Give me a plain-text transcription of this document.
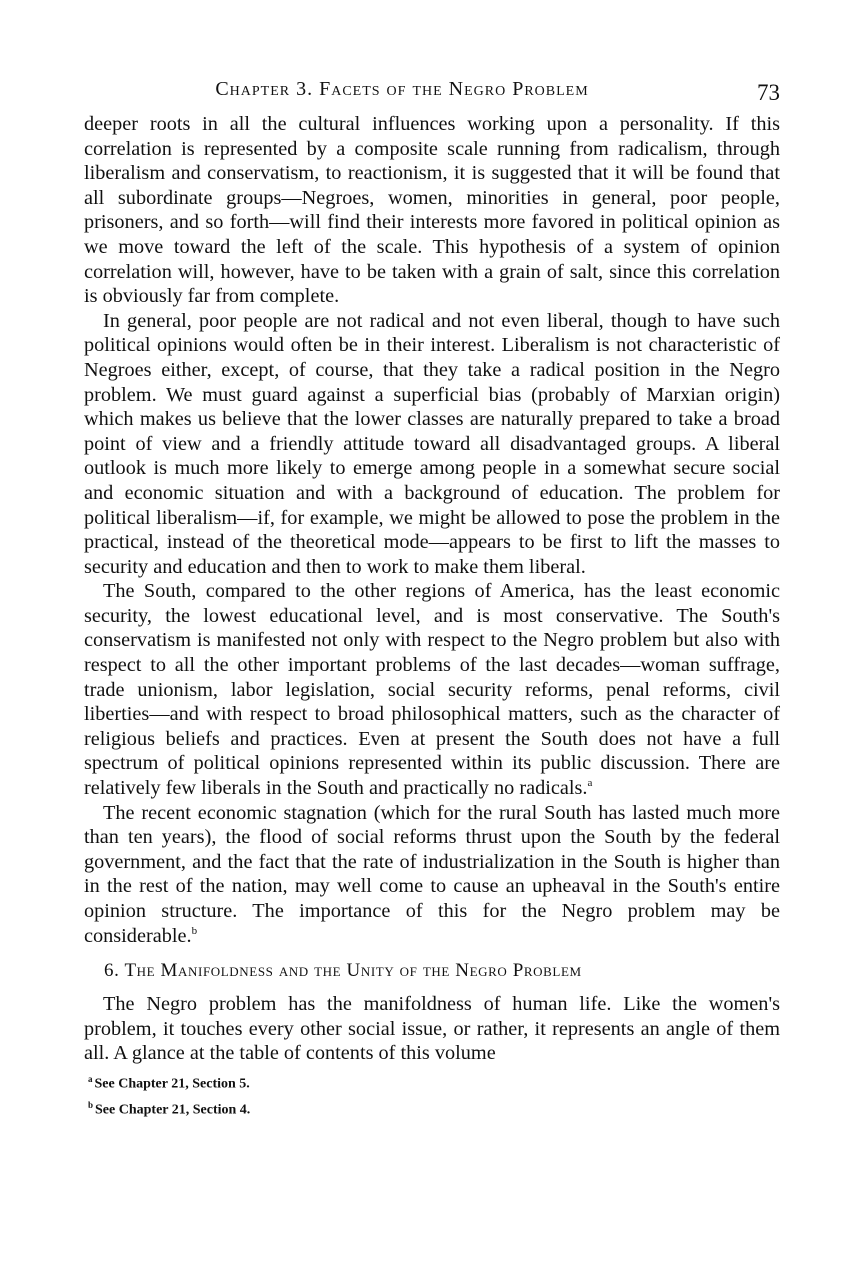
Chapter 3. Facets of the Negro Problem	73

deeper roots in all the cultural influences working upon a personality. If this correlation is represented by a composite scale running from radicalism, through liberalism and conservatism, to reactionism, it is suggested that it will be found that all subordinate groups—Negroes, women, minorities in general, poor people, prisoners, and so forth—will find their interests more favored in political opinion as we move toward the left of the scale. This hypothesis of a system of opinion correlation will, however, have to be taken with a grain of salt, since this correlation is obviously far from complete.

In general, poor people are not radical and not even liberal, though to have such political opinions would often be in their interest. Liberalism is not characteristic of Negroes either, except, of course, that they take a radical position in the Negro problem. We must guard against a superficial bias (probably of Marxian origin) which makes us believe that the lower classes are naturally prepared to take a broad point of view and a friendly attitude toward all disadvantaged groups. A liberal outlook is much more likely to emerge among people in a somewhat secure social and economic situation and with a background of education. The problem for political liberalism—if, for example, we might be allowed to pose the problem in the practical, instead of the theoretical mode—appears to be first to lift the masses to security and education and then to work to make them liberal.

The South, compared to the other regions of America, has the least economic security, the lowest educational level, and is most conservative. The South's conservatism is manifested not only with respect to the Negro problem but also with respect to all the other important problems of the last decades—woman suffrage, trade unionism, labor legislation, social security reforms, penal reforms, civil liberties—and with respect to broad philosophical matters, such as the character of religious beliefs and practices. Even at present the South does not have a full spectrum of political opinions represented within its public discussion. There are relatively few liberals in the South and practically no radicals.$^a$

The recent economic stagnation (which for the rural South has lasted much more than ten years), the flood of social reforms thrust upon the South by the federal government, and the fact that the rate of industrialization in the South is higher than in the rest of the nation, may well come to cause an upheaval in the South's entire opinion structure. The importance of this for the Negro problem may be considerable.$^b$

6. The Manifoldness and the Unity of the Negro Problem

The Negro problem has the manifoldness of human life. Like the women's problem, it touches every other social issue, or rather, it represents an angle of them all. A glance at the table of contents of this volume

$^a$ See Chapter 21, Section 5.
$^b$ See Chapter 21, Section 4.
